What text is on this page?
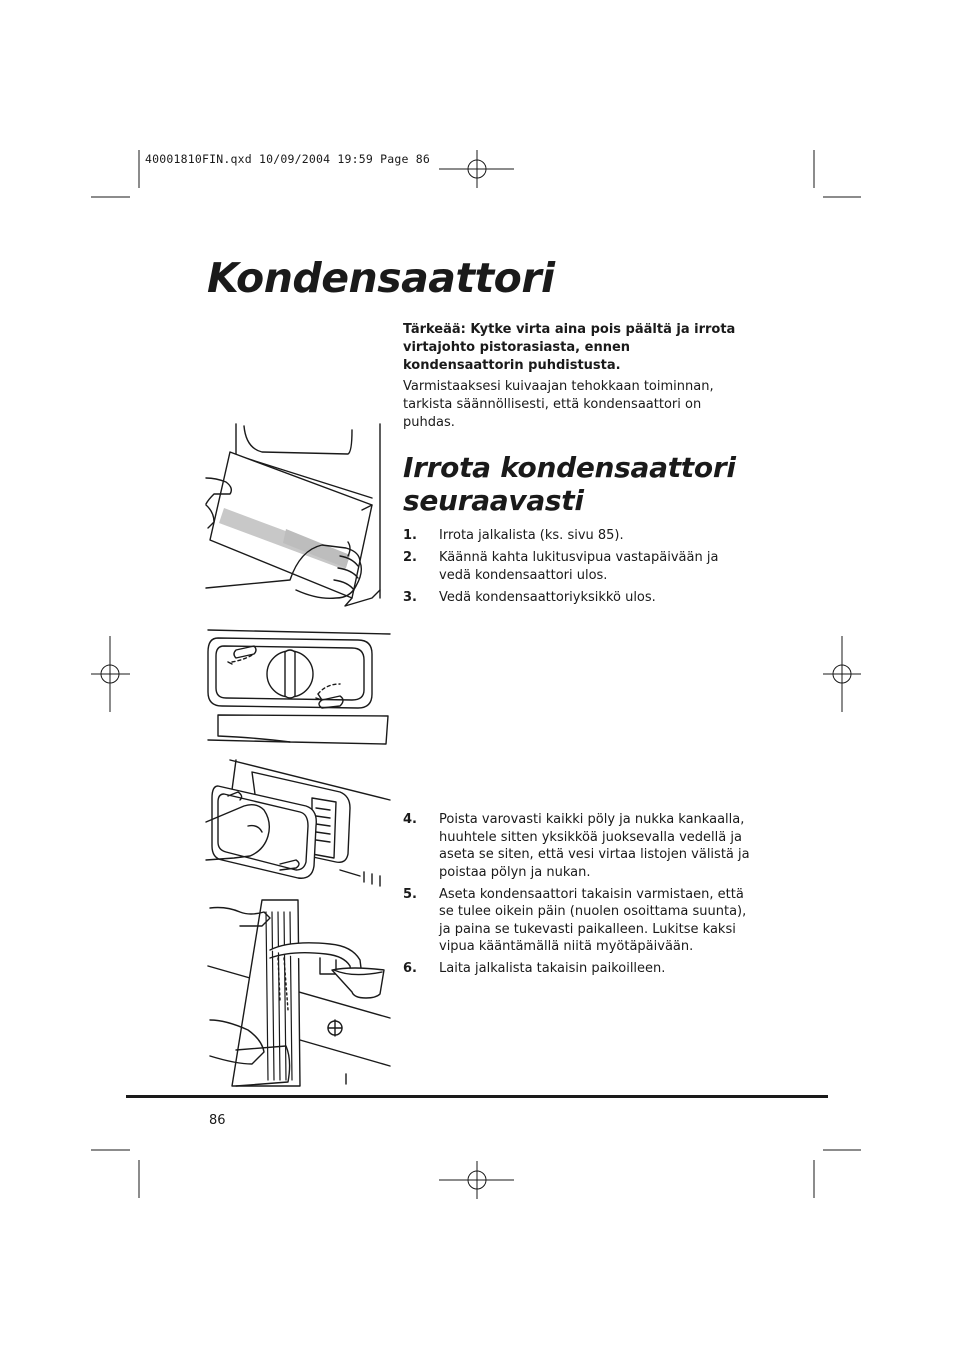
40001810FIN.qxd 10/09/2004 19:59 Page 86
Kondensaattori
Tärkeää: Kytke virta aina pois päältä ja irrota virtajohto pistorasiasta, ennen kondensaattorin puhdistusta.
Varmistaaksesi kuivaajan tehokkaan toiminnan, tarkista säännöllisesti, että kondensaattori on puhdas.
Irrota kondensaattori
seuraavasti
1.	Irrota jalkalista (ks. sivu 85).
2.	Käännä kahta lukitusvipua vastapäivään ja vedä kondensaattori ulos.
3.	Vedä kondensaattoriyksikkö ulos.
4.	Poista varovasti kaikki pöly ja nukka kankaalla, huuhtele sitten yksikköä juoksevalla vedellä ja aseta se siten, että vesi virtaa listojen välistä ja poistaa pölyn ja nukan.
5.	Aseta kondensaattori takaisin varmistaen, että se tulee oikein päin (nuolen osoittama suunta), ja paina se tukevasti paikalleen. Lukitse kaksi vipua kääntämällä niitä myötäpäivään.
6.	Laita jalkalista takaisin paikoilleen.
86
